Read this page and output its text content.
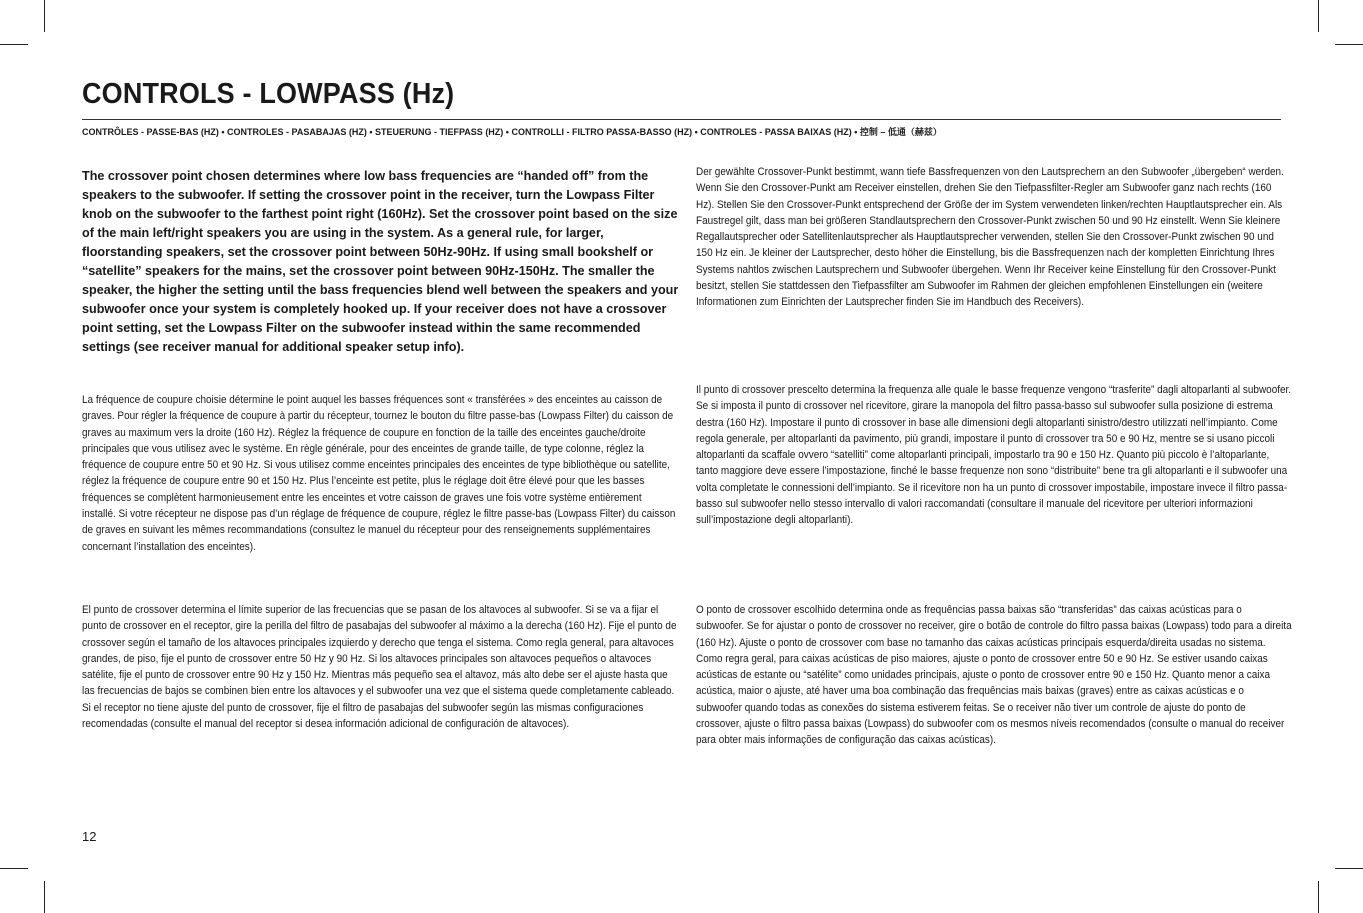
CONTROLS - LOWPASS (Hz)

CONTRÔLES - PASSE-BAS (HZ) • CONTROLES - PASABAJAS (HZ) • STEUERUNG - TIEFPASS (HZ) • CONTROLLI - FILTRO PASSA-BASSO (HZ) • CONTROLES - PASSA BAIXAS (HZ) • 控制 – 低通（赫兹）

The crossover point chosen determines where low bass frequencies are “handed off” from the speakers to the subwoofer. If setting the crossover point in the receiver, turn the Lowpass Filter knob on the subwoofer to the farthest point right (160Hz). Set the crossover point based on the size of the main left/right speakers you are using in the system. As a general rule, for larger, floorstanding speakers, set the crossover point between 50Hz-90Hz. If using small bookshelf or “satellite” speakers for the mains, set the crossover point between 90Hz-150Hz. The smaller the speaker, the higher the setting until the bass frequencies blend well between the speakers and your subwoofer once your system is completely hooked up. If your receiver does not have a crossover point setting, set the Lowpass Filter on the subwoofer instead within the same recommended settings (see receiver manual for additional speaker setup info).

La fréquence de coupure choisie détermine le point auquel les basses fréquences sont « transférées » des enceintes au caisson de graves. Pour régler la fréquence de coupure à partir du récepteur, tournez le bouton du filtre passe-bas (Lowpass Filter) du caisson de graves au maximum vers la droite (160 Hz). Réglez la fréquence de coupure en fonction de la taille des enceintes gauche/droite principales que vous utilisez avec le système. En règle générale, pour des enceintes de grande taille, de type colonne, réglez la fréquence de coupure entre 50 et 90 Hz. Si vous utilisez comme enceintes principales des enceintes de type bibliothèque ou satellite, réglez la fréquence de coupure entre 90 et 150 Hz. Plus l’enceinte est petite, plus le réglage doit être élevé pour que les basses fréquences se complètent harmonieusement entre les enceintes et votre caisson de graves une fois votre système entièrement installé. Si votre récepteur ne dispose pas d’un réglage de fréquence de coupure, réglez le filtre passe-bas (Lowpass Filter) du caisson de graves en suivant les mêmes recommandations (consultez le manuel du récepteur pour des renseignements supplémentaires concernant l’installation des enceintes).

El punto de crossover determina el límite superior de las frecuencias que se pasan de los altavoces al subwoofer. Si se va a fijar el punto de crossover en el receptor, gire la perilla del filtro de pasabajas del subwoofer al máximo a la derecha (160 Hz). Fije el punto de crossover según el tamaño de los altavoces principales izquierdo y derecho que tenga el sistema. Como regla general, para altavoces grandes, de piso, fije el punto de crossover entre 50 Hz y 90 Hz. Si los altavoces principales son altavoces pequeños o altavoces satélite, fije el punto de crossover entre 90 Hz y 150 Hz. Mientras más pequeño sea el altavoz, más alto debe ser el ajuste hasta que las frecuencias de bajos se combinen bien entre los altavoces y el subwoofer una vez que el sistema quede completamente cableado. Si el receptor no tiene ajuste del punto de crossover, fije el filtro de pasabajas del subwoofer según las mismas configuraciones recomendadas (consulte el manual del receptor si desea información adicional de configuración de altavoces).

Der gewählte Crossover-Punkt bestimmt, wann tiefe Bassfrequenzen von den Lautsprechern an den Subwoofer „übergeben“ werden. Wenn Sie den Crossover-Punkt am Receiver einstellen, drehen Sie den Tiefpassfilter-Regler am Subwoofer ganz nach rechts (160 Hz). Stellen Sie den Crossover-Punkt entsprechend der Größe der im System verwendeten linken/rechten Hauptlautsprecher ein. Als Faustregel gilt, dass man bei größeren Standlautsprechern den Crossover-Punkt zwischen 50 und 90 Hz einstellt. Wenn Sie kleinere Regallautsprecher oder Satellitenlautsprecher als Hauptlautsprecher verwenden, stellen Sie den Crossover-Punkt zwischen 90 und 150 Hz ein. Je kleiner der Lautsprecher, desto höher die Einstellung, bis die Bassfrequenzen nach der kompletten Einrichtung Ihres Systems nahtlos zwischen Lautsprechern und Subwoofer übergehen. Wenn Ihr Receiver keine Einstellung für den Crossover-Punkt besitzt, stellen Sie stattdessen den Tiefpassfilter am Subwoofer im Rahmen der gleichen empfohlenen Einstellungen ein (weitere Informationen zum Einrichten der Lautsprecher finden Sie im Handbuch des Receivers).

Il punto di crossover prescelto determina la frequenza alle quale le basse frequenze vengono “trasferite” dagli altoparlanti al subwoofer. Se si imposta il punto di crossover nel ricevitore, girare la manopola del filtro passa-basso sul subwoofer sulla posizione di estrema destra (160 Hz). Impostare il punto di crossover in base alle dimensioni degli altoparlanti sinistro/destro utilizzati nell’impianto. Come regola generale, per altoparlanti da pavimento, più grandi, impostare il punto di crossover tra 50 e 90 Hz, mentre se si usano piccoli altoparlanti da scaffale ovvero “satelliti” come altoparlanti principali, impostarlo tra 90 e 150 Hz. Quanto più piccolo è l’altoparlante, tanto maggiore deve essere l’impostazione, finché le basse frequenze non sono “distribuite” bene tra gli altoparlanti e il subwoofer una volta completate le connessioni dell’impianto. Se il ricevitore non ha un punto di crossover impostabile, impostare invece il filtro passa-basso sul subwoofer nello stesso intervallo di valori raccomandati (consultare il manuale del ricevitore per ulteriori informazioni sull’impostazione degli altoparlanti).

O ponto de crossover escolhido determina onde as frequências passa baixas são “transferidas” das caixas acústicas para o subwoofer. Se for ajustar o ponto de crossover no receiver, gire o botão de controle do filtro passa baixas (Lowpass) todo para a direita (160 Hz). Ajuste o ponto de crossover com base no tamanho das caixas acústicas principais esquerda/direita usadas no sistema. Como regra geral, para caixas acústicas de piso maiores, ajuste o ponto de crossover entre 50 e 90 Hz. Se estiver usando caixas acústicas de estante ou “satélite” como unidades principais, ajuste o ponto de crossover entre 90 e 150 Hz. Quanto menor a caixa acústica, maior o ajuste, até haver uma boa combinação das frequências mais baixas (graves) entre as caixas acústicas e o subwoofer quando todas as conexões do sistema estiverem feitas. Se o receiver não tiver um controle de ajuste do ponto de crossover, ajuste o filtro passa baixas (Lowpass) do subwoofer com os mesmos níveis recomendados (consulte o manual do receiver para obter mais informações de configuração das caixas acústicas).

12
